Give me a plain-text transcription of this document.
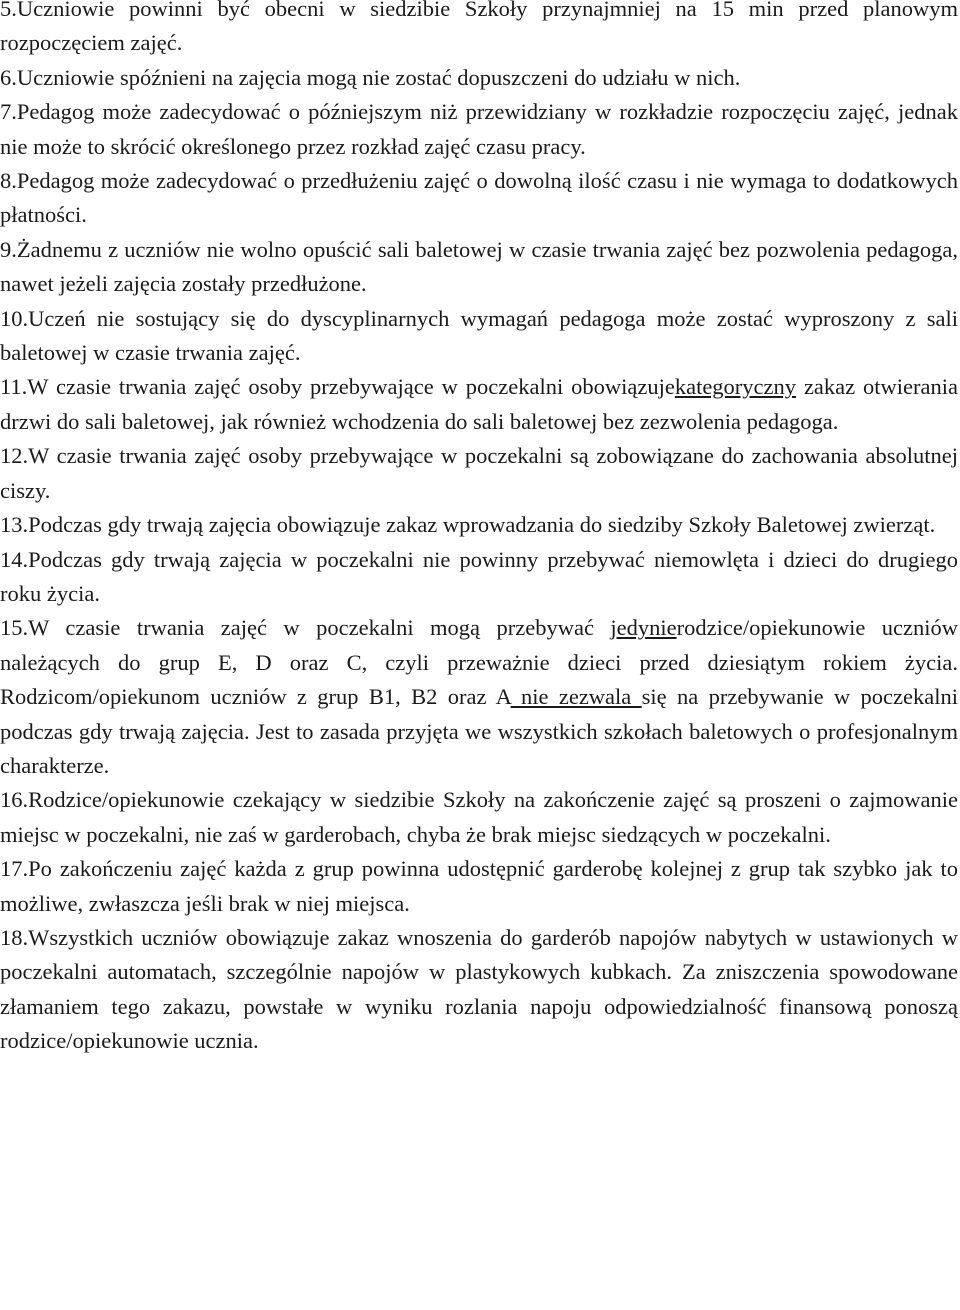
5.Uczniowie powinni być obecni w siedzibie Szkoły przynajmniej na 15 min przed planowym rozpoczęciem zajęć.

6.Uczniowie spóźnieni na zajęcia mogą nie zostać dopuszczeni do udziału w nich.

7.Pedagog może zadecydować o późniejszym niż przewidziany w rozkładzie rozpoczęciu zajęć, jednak nie może to skrócić określonego przez rozkład zajęć czasu pracy.

8.Pedagog może zadecydować o przedłużeniu zajęć o dowolną ilość czasu i nie wymaga to dodatkowych płatności.

9.Żadnemu z uczniów nie wolno opuścić sali baletowej w czasie trwania zajęć bez pozwolenia pedagoga, nawet jeżeli zajęcia zostały przedłużone.

10.Uczeń nie sostujący się do dyscyplinarnych wymagań pedagoga może zostać wyproszony z sali baletowej w czasie trwania zajęć.

11.W czasie trwania zajęć osoby przebywające w poczekalni obowiązujekategoryczny zakaz otwierania drzwi do sali baletowej, jak również wchodzenia do sali baletowej bez zezwolenia pedagoga.

12.W czasie trwania zajęć osoby przebywające w poczekalni są zobowiązane do zachowania absolutnej ciszy.

13.Podczas gdy trwają zajęcia obowiązuje zakaz wprowadzania do siedziby Szkoły Baletowej zwierząt.

14.Podczas gdy trwają zajęcia w poczekalni nie powinny przebywać niemowlęta i dzieci do drugiego roku życia.

15.W czasie trwania zajęć w poczekalni mogą przebywać jedynierodzice/opiekunowie uczniów należących do grup E, D oraz C, czyli przeważnie dzieci przed dziesiątym rokiem życia. Rodzicom/opiekunom uczniów z grup B1, B2 oraz A nie zezwala się na przebywanie w poczekalni podczas gdy trwają zajęcia. Jest to zasada przyjęta we wszystkich szkołach baletowych o profesjonalnym charakterze.

16.Rodzice/opiekunowie czekający w siedzibie Szkoły na zakończenie zajęć są proszeni o zajmowanie miejsc w poczekalni, nie zaś w garderobach, chyba że brak miejsc siedzących w poczekalni.

17.Po zakończeniu zajęć każda z grup powinna udostępnić garderobę kolejnej z grup tak szybko jak to możliwe, zwłaszcza jeśli brak w niej miejsca.

18.Wszystkich uczniów obowiązuje zakaz wnoszenia do garderób napojów nabytych w ustawionych w poczekalni automatach, szczególnie napojów w plastykowych kubkach. Za zniszczenia spowodowane złamaniem tego zakazu, powstałe w wyniku rozlania napoju odpowiedzialność finansową ponoszą rodzice/opiekunowie ucznia.
